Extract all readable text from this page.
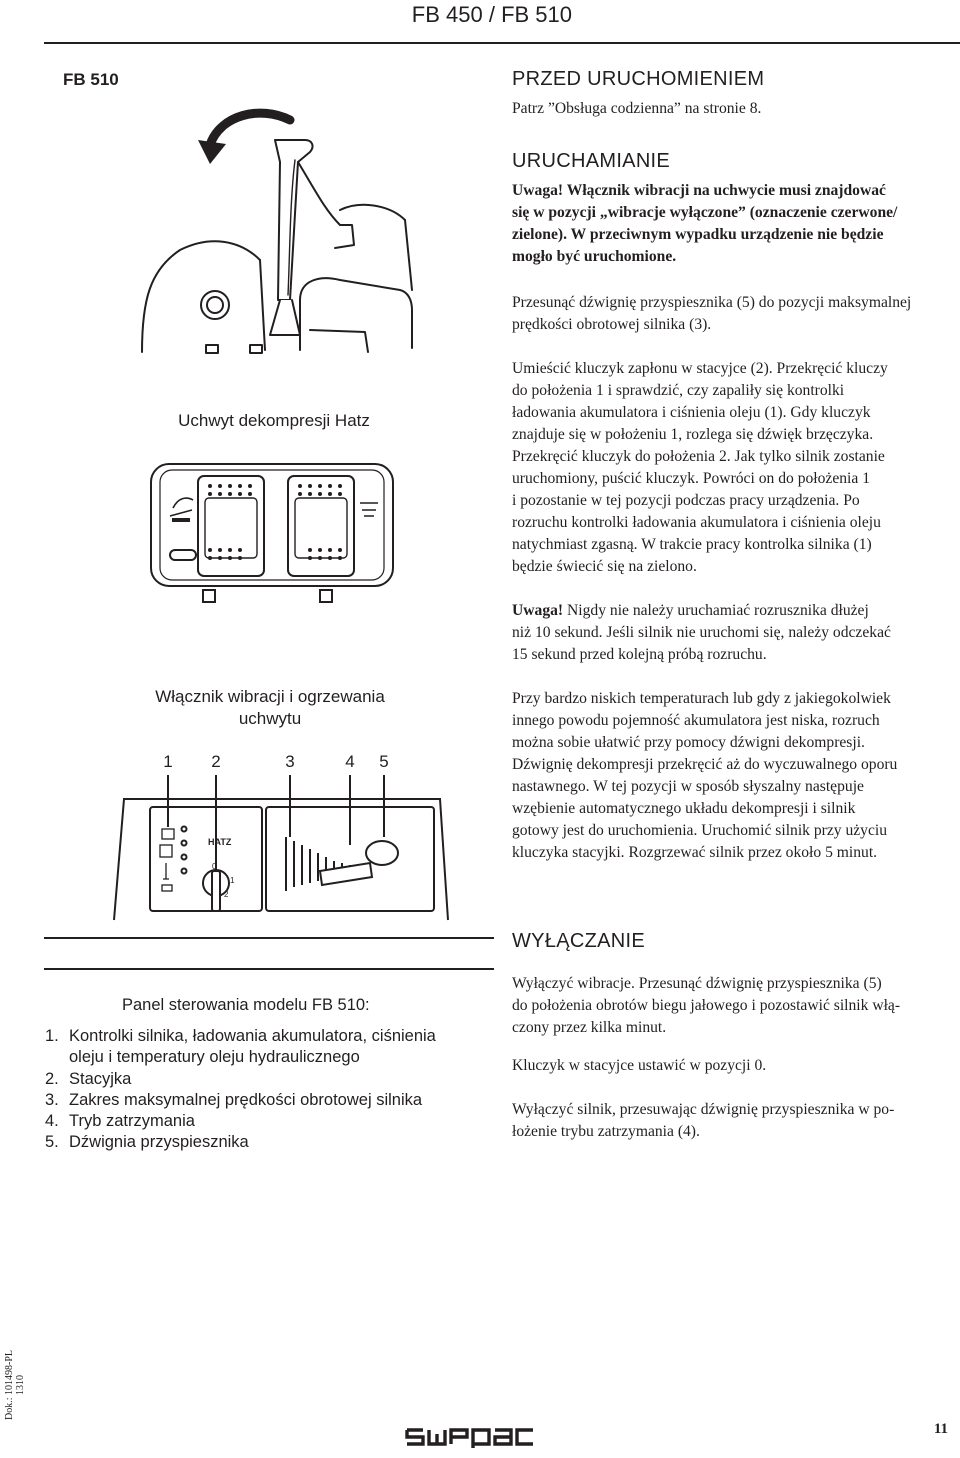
FB 450 / FB 510
FB 510
Uchwyt dekompresji Hatz
Włącznik wibracji i ogrzewania
uchwytu
1 2	3	4 5
HATZ
0
1
2
Panel sterowania modelu FB 510:
1. Kontrolki silnika, ładowania akumulatora, ciśnienia
oleju i temperatury oleju hydraulicznego
2. Stacyjka
3. Zakres maksymalnej prędkości obrotowej silnika
4. Tryb zatrzymania
5. Dźwignia przyspiesznika
PRZED URUCHOMIENIEM
Patrz ”Obsługa codzienna” na stronie 8.
URUCHAMIANIE
Uwaga! Włącznik wibracji na uchwycie musi znajdować
się w pozycji „wibracje wyłączone” (oznaczenie czerwone/
zielone). W przeciwnym wypadku urządzenie nie będzie
mogło być uruchomione.
Przesunąć dźwignię przyspiesznika (5) do pozycji maksymalnej
prędkości obrotowej silnika (3).
Umieścić kluczyk zapłonu w stacyjce (2). Przekręcić kluczy
do położenia 1 i sprawdzić, czy zapaliły się kontrolki
ładowania akumulatora i ciśnienia oleju (1). Gdy kluczyk
znajduje się w położeniu 1, rozlega się dźwięk brzęczyka.
Przekręcić kluczyk do położenia 2. Jak tylko silnik zostanie
uruchomiony, puścić kluczyk. Powróci on do położenia 1
i pozostanie w tej pozycji podczas pracy urządzenia. Po
rozruchu kontrolki ładowania akumulatora i ciśnienia oleju
natychmiast zgasną. W trakcie pracy kontrolka silnika (1)
będzie świecić się na zielono.
Uwaga! Nigdy nie należy uruchamiać rozrusznika dłużej
niż 10 sekund. Jeśli silnik nie uruchomi się, należy odczekać
15 sekund przed kolejną próbą rozruchu.
Przy bardzo niskich temperaturach lub gdy z jakiegokolwiek
innego powodu pojemność akumulatora jest niska, rozruch
można sobie ułatwić przy pomocy dźwigni dekompresji.
Dźwignię dekompresji przekręcić aż do wyczuwalnego oporu
nastawnego. W tej pozycji w sposób słyszalny następuje
wzębienie automatycznego układu dekompresji i silnik
gotowy jest do uruchomienia. Uruchomić silnik przy użyciu
kluczyka stacyjki. Rozgrzewać silnik przez około 5 minut.
WYŁĄCZANIE
Wyłączyć wibracje. Przesunąć dźwignię przyspiesznika (5)
do położenia obrotów biegu jałowego i pozostawić silnik włą-
czony przez kilka minut.
Kluczyk w stacyjce ustawić w pozycji 0.
Wyłączyć silnik, przesuwając dźwignię przyspiesznika w po-
łożenie trybu zatrzymania (4).
Dok.: 101498-PL 1310
11
